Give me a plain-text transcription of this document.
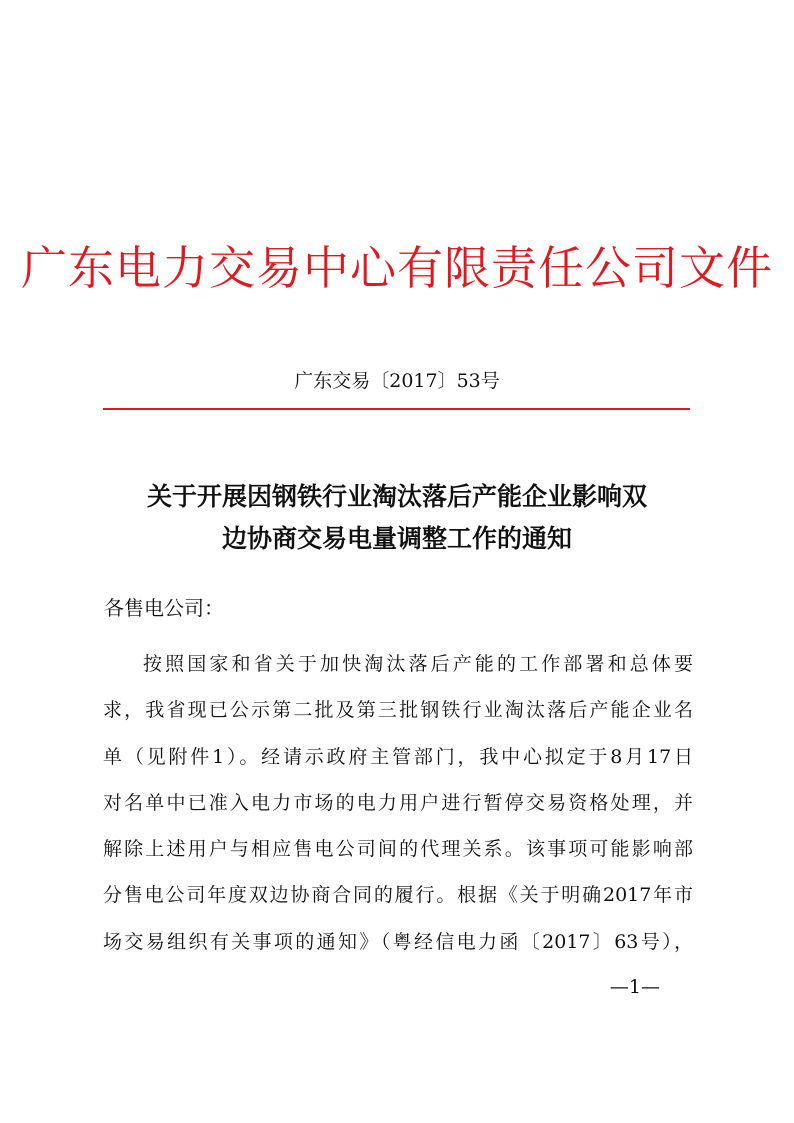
广东电力交易中心有限责任公司文件
广东交易〔2017〕53号
关于开展因钢铁行业淘汰落后产能企业影响双
边协商交易电量调整工作的通知
各售电公司：
按照国家和省关于加快淘汰落后产能的工作部署和总体要
求，我省现已公示第二批及第三批钢铁行业淘汰落后产能企业名
单（见附件1）。经请示政府主管部门，我中心拟定于8月17日
对名单中已准入电力市场的电力用户进行暂停交易资格处理，并
解除上述用户与相应售电公司间的代理关系。该事项可能影响部
分售电公司年度双边协商合同的履行。根据《关于明确2017年市
场交易组织有关事项的通知》（粤经信电力函〔2017〕63号），
—1—
